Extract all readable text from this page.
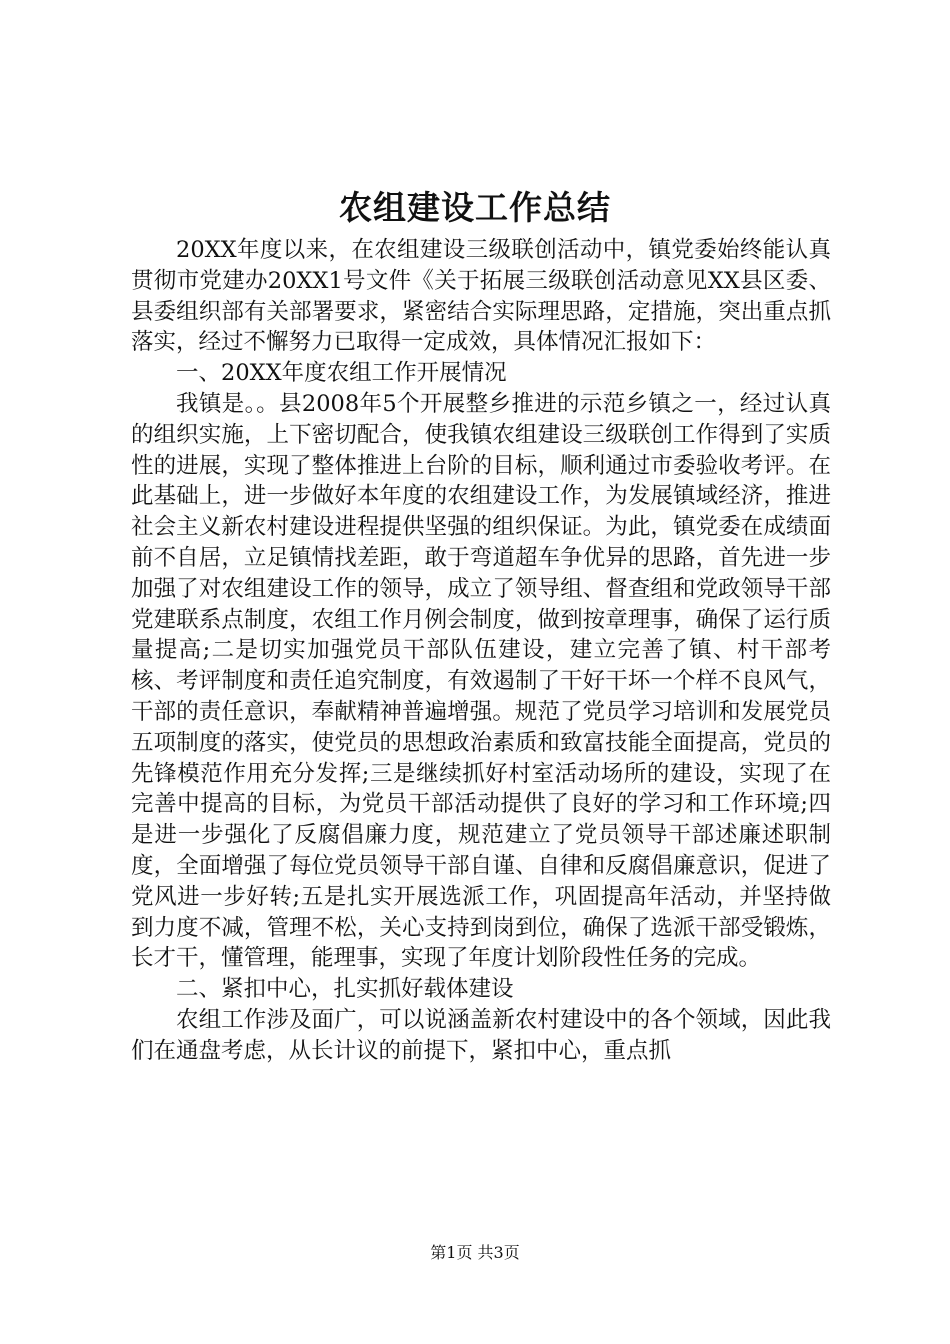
农组建设工作总结

20XX年度以来，在农组建设三级联创活动中，镇党委始终能认真贯彻市党建办20XX1号文件《关于拓展三级联创活动意见XX县区委、县委组织部有关部署要求，紧密结合实际理思路，定措施，突出重点抓落实，经过不懈努力已取得一定成效，具体情况汇报如下：

一、20XX年度农组工作开展情况

我镇是。。县2008年5个开展整乡推进的示范乡镇之一，经过认真的组织实施，上下密切配合，使我镇农组建设三级联创工作得到了实质性的进展，实现了整体推进上台阶的目标，顺利通过市委验收考评。在此基础上，进一步做好本年度的农组建设工作，为发展镇域经济，推进社会主义新农村建设进程提供坚强的组织保证。为此，镇党委在成绩面前不自居，立足镇情找差距，敢于弯道超车争优异的思路，首先进一步加强了对农组建设工作的领导，成立了领导组、督查组和党政领导干部党建联系点制度，农组工作月例会制度，做到按章理事，确保了运行质量提高;二是切实加强党员干部队伍建设，建立完善了镇、村干部考核、考评制度和责任追究制度，有效遏制了干好干坏一个样不良风气，干部的责任意识，奉献精神普遍增强。规范了党员学习培训和发展党员五项制度的落实，使党员的思想政治素质和致富技能全面提高，党员的先锋模范作用充分发挥;三是继续抓好村室活动场所的建设，实现了在完善中提高的目标，为党员干部活动提供了良好的学习和工作环境;四是进一步强化了反腐倡廉力度，规范建立了党员领导干部述廉述职制度，全面增强了每位党员领导干部自谨、自律和反腐倡廉意识，促进了党风进一步好转;五是扎实开展选派工作，巩固提高年活动，并坚持做到力度不减，管理不松，关心支持到岗到位，确保了选派干部受锻炼，长才干，懂管理，能理事，实现了年度计划阶段性任务的完成。

二、紧扣中心，扎实抓好载体建设

农组工作涉及面广，可以说涵盖新农村建设中的各个领域，因此我们在通盘考虑，从长计议的前提下，紧扣中心，重点抓

第1页 共3页
